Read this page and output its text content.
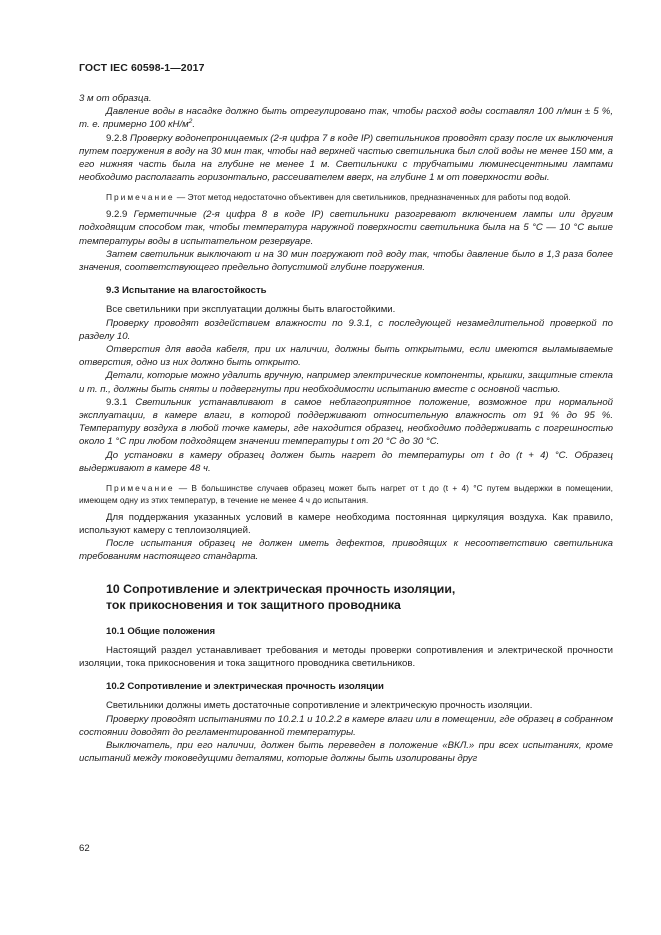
ГОСТ IEC 60598-1—2017

3 м от образца.

Давление воды в насадке должно быть отрегулировано так, чтобы расход воды составлял 100 л/мин ± 5 %, т. е. примерно 100 $кН/м^2$.

9.2.8 Проверку водонепроницаемых (2-я цифра 7 в коде IP) светильников проводят сразу после их выключения путем погружения в воду на 30 мин так, чтобы над верхней частью светильника был слой воды не менее 150 мм, а его нижняя часть была на глубине не менее 1 м. Светильники с трубчатыми люминесцентными лампами необходимо располагать горизонтально, рассеивателем вверх, на глубине 1 м от поверхности воды.

Примечание — Этот метод недостаточно объективен для светильников, предназначенных для работы под водой.

9.2.9 Герметичные (2-я цифра 8 в коде IP) светильники разогревают включением лампы или другим подходящим способом так, чтобы температура наружной поверхности светильника была на 5 °C — 10 °C выше температуры воды в испытательном резервуаре.

Затем светильник выключают и на 30 мин погружают под воду так, чтобы давление было в 1,3 раза более значения, соответствующего предельно допустимой глубине погружения.

9.3 Испытание на влагостойкость

Все светильники при эксплуатации должны быть влагостойкими.

Проверку проводят воздействием влажности по 9.3.1, с последующей незамедлительной проверкой по разделу 10.

Отверстия для ввода кабеля, при их наличии, должны быть открытыми, если имеются выламываемые отверстия, одно из них должно быть открыто.

Детали, которые можно удалить вручную, например электрические компоненты, крышки, защитные стекла и т. п., должны быть сняты и подвергнуты при необходимости испытанию вместе с основной частью.

9.3.1 Светильник устанавливают в самое неблагоприятное положение, возможное при нормальной эксплуатации, в камере влаги, в которой поддерживают относительную влажность от 91 % до 95 %. Температуру воздуха в любой точке камеры, где находится образец, необходимо поддерживать с погрешностью около 1 °C при любом подходящем значении температуры t от 20 °C до 30 °C.

До установки в камеру образец должен быть нагрет до температуры от t до (t + 4) °C. Образец выдерживают в камере 48 ч.

Примечание — В большинстве случаев образец может быть нагрет от t до (t + 4) °C путем выдержки в помещении, имеющем одну из этих температур, в течение не менее 4 ч до испытания.

Для поддержания указанных условий в камере необходима постоянная циркуляция воздуха. Как правило, используют камеру с теплоизоляцией.

После испытания образец не должен иметь дефектов, приводящих к несоответствию светильника требованиям настоящего стандарта.

10 Сопротивление и электрическая прочность изоляции,
ток прикосновения и ток защитного проводника
10.1 Общие положения

Настоящий раздел устанавливает требования и методы проверки сопротивления и электрической прочности изоляции, тока прикосновения и тока защитного проводника светильников.

10.2 Сопротивление и электрическая прочность изоляции

Светильники должны иметь достаточные сопротивление и электрическую прочность изоляции.

Проверку проводят испытаниями по 10.2.1 и 10.2.2 в камере влаги или в помещении, где образец в собранном состоянии доводят до регламентированной температуры.

Выключатель, при его наличии, должен быть переведен в положение «ВКЛ.» при всех испытаниях, кроме испытаний между токоведущими деталями, которые должны быть изолированы друг

62
